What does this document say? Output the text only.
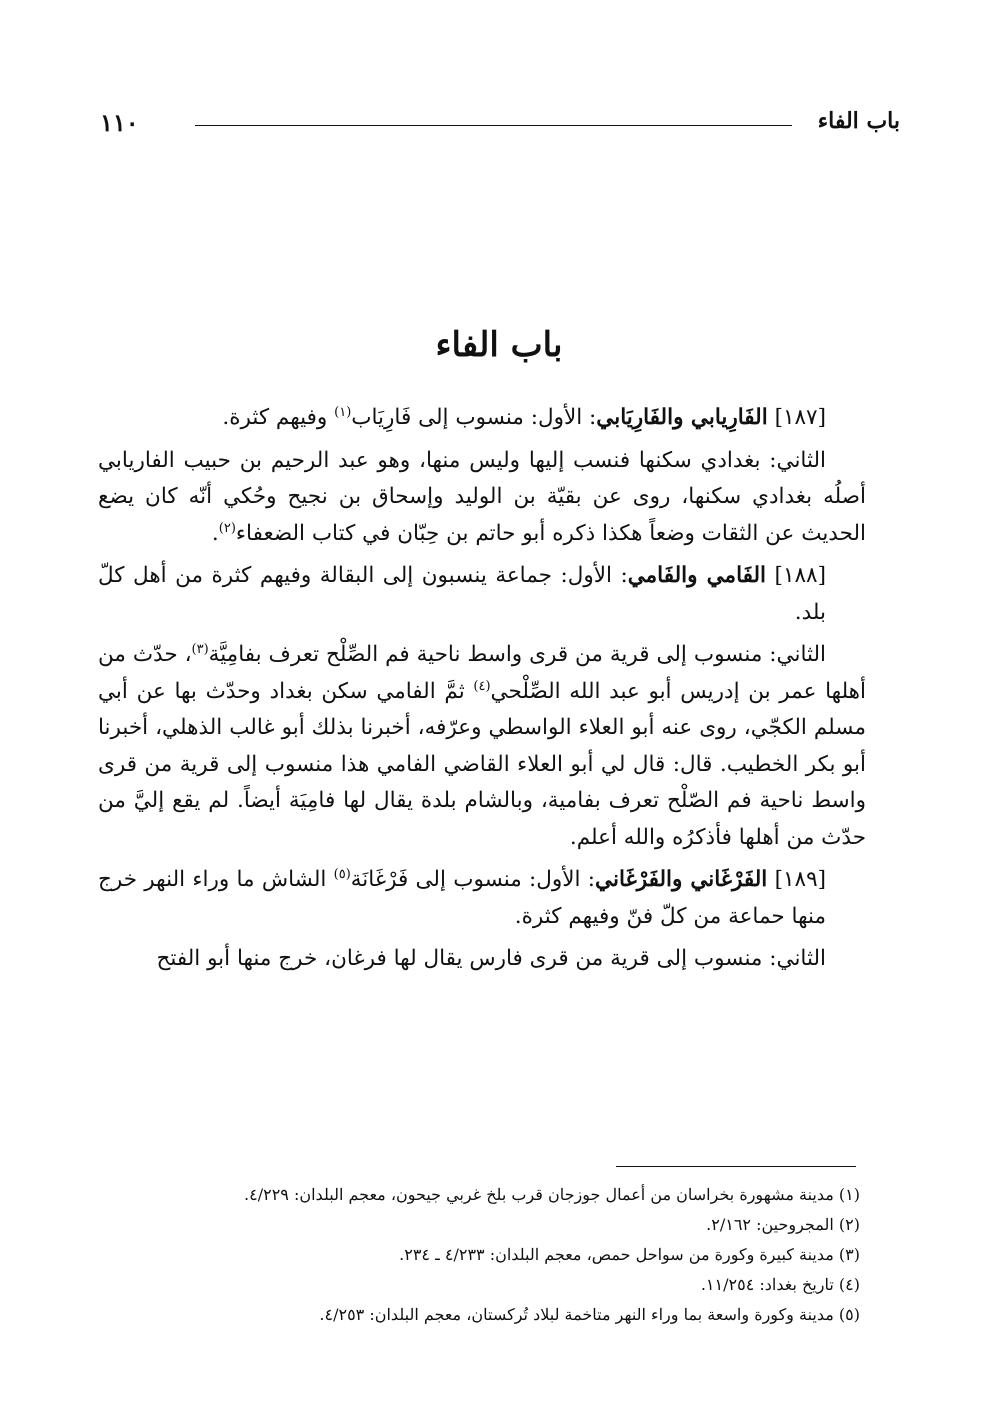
باب الفاء
١١٠
باب الفاء

[١٨٧] الفَارِيابي والفَارِيَابي: الأول: منسوب إلى فَارِيَاب$^{(١)}$ وفيهم كثرة.

الثاني: بغدادي سكنها فنسب إليها وليس منها، وهو عبد الرحيم بن حبيب الفاريابي أصلُه بغدادي سكنها، روى عن بقيّة بن الوليد وإسحاق بن نجيح وحُكي أنّه كان يضع الحديث عن الثقات وضعاً هكذا ذكره أبو حاتم بن حِبّان في كتاب الضعفاء$^{(٢)}$.

[١٨٨] الفَامي والفَامي: الأول: جماعة ينسبون إلى البقالة وفيهم كثرة من أهل كلّ بلد.

الثاني: منسوب إلى قرية من قرى واسط ناحية فم الصِّلْح تعرف بفامِيَّة$^{(٣)}$، حدّث من أهلها عمر بن إدريس أبو عبد الله الصِّلْحي$^{(٤)}$ ثمَّ الفامي سكن بغداد وحدّث بها عن أبي مسلم الكجّي، روى عنه أبو العلاء الواسطي وعرّفه، أخبرنا بذلك أبو غالب الذهلي، أخبرنا أبو بكر الخطيب. قال: قال لي أبو العلاء القاضي الفامي هذا منسوب إلى قرية من قرى واسط ناحية فم الصّلْح تعرف بفامية، وبالشام بلدة يقال لها فامِيَة أيضاً. لم يقع إليَّ من حدّث من أهلها فأذكرُه والله أعلم.

[١٨٩] الفَرْغَاني والفَرْغَاني: الأول: منسوب إلى فَرْغَانَة$^{(٥)}$ الشاش ما وراء النهر خرج منها حماعة من كلّ فنّ وفيهم كثرة.

الثاني: منسوب إلى قرية من قرى فارس يقال لها فرغان، خرج منها أبو الفتح

(١) مدينة مشهورة بخراسان من أعمال جوزجان قرب بلخ غربي جيحون، معجم البلدان: ٤/٢٢٩.
(٢) المجروحين: ٢/١٦٢.
(٣) مدينة كبيرة وكورة من سواحل حمص، معجم البلدان: ٤/٢٣٣ ـ ٢٣٤.
(٤) تاريخ بغداد: ١١/٢٥٤.
(٥) مدينة وكورة واسعة بما وراء النهر متاخمة لبلاد تُركستان، معجم البلدان: ٤/٢٥٣.
